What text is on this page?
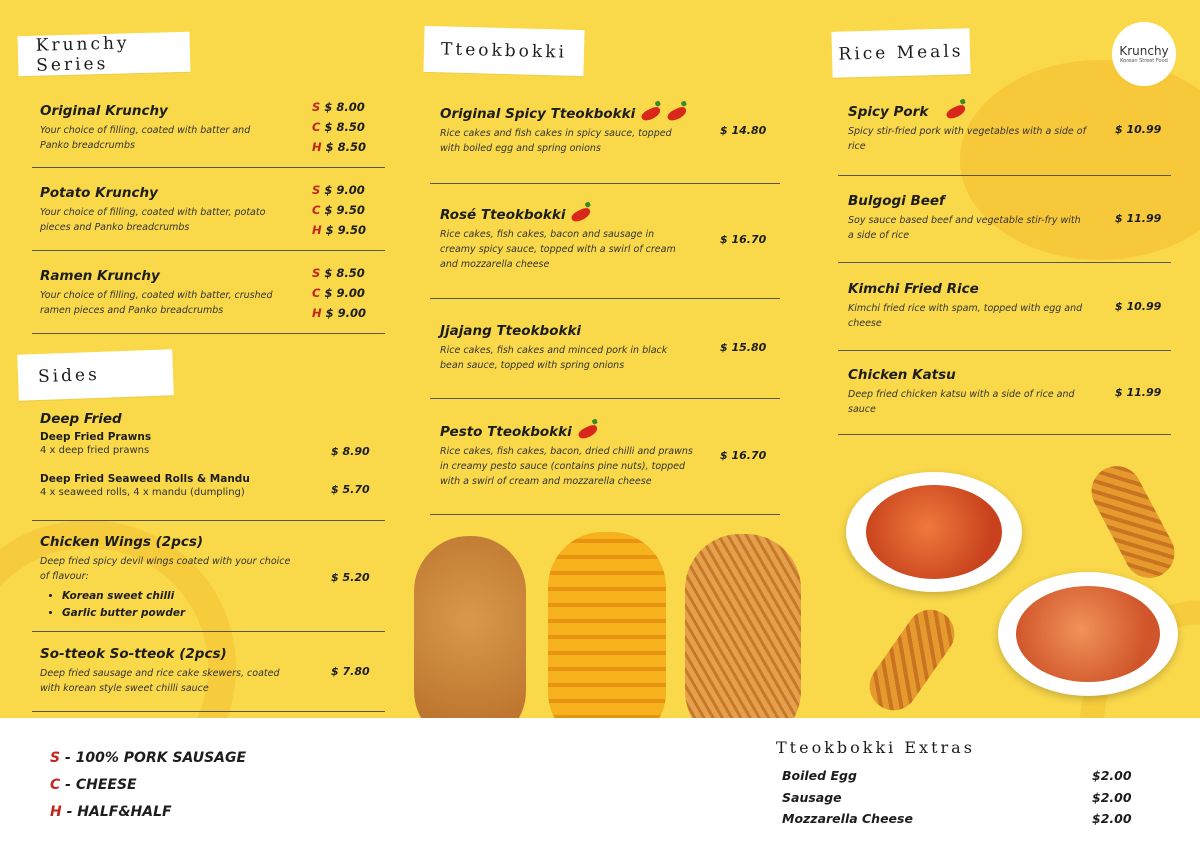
Krunchy
Korean Street Food
Krunchy Series
Original Krunchy
Your choice of filling, coated with batter and Panko breadcrumbs
S $ 8.00
C $ 8.50
H $ 8.50
Potato Krunchy
Your choice of filling, coated with batter, potato pieces and Panko breadcrumbs
S $ 9.00
C $ 9.50
H $ 9.50
Ramen Krunchy
Your choice of filling, coated with batter, crushed ramen pieces and Panko breadcrumbs
S $ 8.50
C $ 9.00
H $ 9.00
Sides
Deep Fried
Deep Fried Prawns
4 x deep fried prawns
Deep Fried Seaweed Rolls & Mandu
4 x seaweed rolls, 4 x mandu (dumpling)
$ 8.90
$ 5.70
Chicken Wings (2pcs)
Deep fried spicy devil wings coated with your choice of flavour:
• Korean sweet chilli
• Garlic butter powder
$ 5.20
So-tteok So-tteok (2pcs)
Deep fried sausage and rice cake skewers, coated with korean style sweet chilli sauce
$ 7.80
Tteokbokki
Original Spicy Tteokbokki
Rice cakes and fish cakes in spicy sauce, topped with boiled egg and spring onions
$ 14.80
Rosé Tteokbokki
Rice cakes, fish cakes, bacon and sausage in creamy spicy sauce, topped with a swirl of cream and mozzarella cheese
$ 16.70
Jjajang Tteokbokki
Rice cakes, fish cakes and minced pork in black bean sauce, topped with spring onions
$ 15.80
Pesto Tteokbokki
Rice cakes, fish cakes, bacon, dried chilli and prawns in creamy pesto sauce (contains pine nuts), topped with a swirl of cream and mozzarella cheese
$ 16.70
Rice Meals
Spicy Pork
Spicy stir-fried pork with vegetables with a side of rice
$ 10.99
Bulgogi Beef
Soy sauce based beef and vegetable stir-fry with a side of rice
$ 11.99
Kimchi Fried Rice
Kimchi fried rice with spam, topped with egg and cheese
$ 10.99
Chicken Katsu
Deep fried chicken katsu with a side of rice and sauce
$ 11.99
S - 100% PORK SAUSAGE
C - CHEESE
H - HALF&HALF
Tteokbokki Extras
Boiled Egg	$2.00
Sausage	$2.00
Mozzarella Cheese	$2.00
